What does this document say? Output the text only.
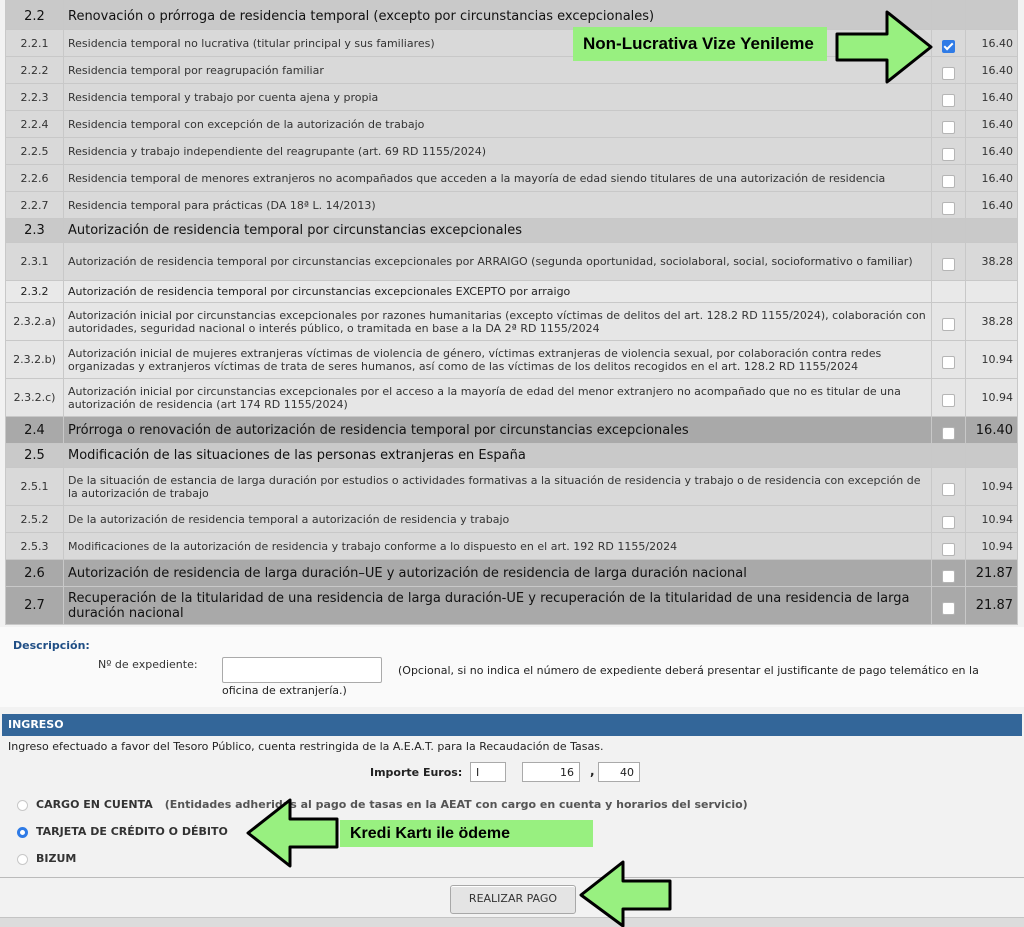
2.2	Renovación o prórroga de residencia temporal (excepto por circunstancias excepcionales)		
2.2.1	Residencia temporal no lucrativa (titular principal y sus familiares)		16.40
2.2.2	Residencia temporal por reagrupación familiar		16.40
2.2.3	Residencia temporal y trabajo por cuenta ajena y propia		16.40
2.2.4	Residencia temporal con excepción de la autorización de trabajo		16.40
2.2.5	Residencia y trabajo independiente del reagrupante (art. 69 RD 1155/2024)		16.40
2.2.6	Residencia temporal de menores extranjeros no acompañados que acceden a la mayoría de edad siendo titulares de una autorización de residencia		16.40
2.2.7	Residencia temporal para prácticas (DA 18ª L. 14/2013)		16.40
2.3	Autorización de residencia temporal por circunstancias excepcionales		
2.3.1	Autorización de residencia temporal por circunstancias excepcionales por ARRAIGO (segunda oportunidad, sociolaboral, social, socioformativo o familiar)		38.28
2.3.2	Autorización de residencia temporal por circunstancias excepcionales EXCEPTO por arraigo		
2.3.2.a)	Autorización inicial por circunstancias excepcionales por razones humanitarias (excepto víctimas de delitos del art. 128.2 RD 1155/2024), colaboración con autoridades, seguridad nacional o interés público, o tramitada en base a la DA 2ª RD 1155/2024		38.28
2.3.2.b)	Autorización inicial de mujeres extranjeras víctimas de violencia de género, víctimas extranjeras de violencia sexual, por colaboración contra redes organizadas y extranjeros víctimas de trata de seres humanos, así como de las víctimas de los delitos recogidos en el art. 128.2 RD 1155/2024		10.94
2.3.2.c)	Autorización inicial por circunstancias excepcionales por el acceso a la mayoría de edad del menor extranjero no acompañado que no es titular de una autorización de residencia (art 174 RD 1155/2024)		10.94
2.4	Prórroga o renovación de autorización de residencia temporal por circunstancias excepcionales		16.40
2.5	Modificación de las situaciones de las personas extranjeras en España		
2.5.1	De la situación de estancia de larga duración por estudios o actividades formativas a la situación de residencia y trabajo o de residencia con excepción de la autorización de trabajo		10.94
2.5.2	De la autorización de residencia temporal a autorización de residencia y trabajo		10.94
2.5.3	Modificaciones de la autorización de residencia y trabajo conforme a lo dispuesto en el art. 192 RD 1155/2024		10.94
2.6	Autorización de residencia de larga duración–UE y autorización de residencia de larga duración nacional		21.87
2.7	Recuperación de la titularidad de una residencia de larga duración-UE y recuperación de la titularidad de una residencia de larga duración nacional		21.87
Descripción:
Nº de expediente:	(Opcional, si no indica el número de expediente deberá presentar el justificante de pago telemático en la
oficina de extranjería.)
INGRESO
Ingreso efectuado a favor del Tesoro Público, cuenta restringida de la A.E.A.T. para la Recaudación de Tasas.
Importe Euros:	I	16	,	40
CARGO EN CUENTA (Entidades adheridas al pago de tasas en la AEAT con cargo en cuenta y horarios del servicio)
TARJETA DE CRÉDITO O DÉBITO
BIZUM
REALIZAR PAGO
Non-Lucrativa Vize Yenileme
Kredi Kartı ile ödeme
